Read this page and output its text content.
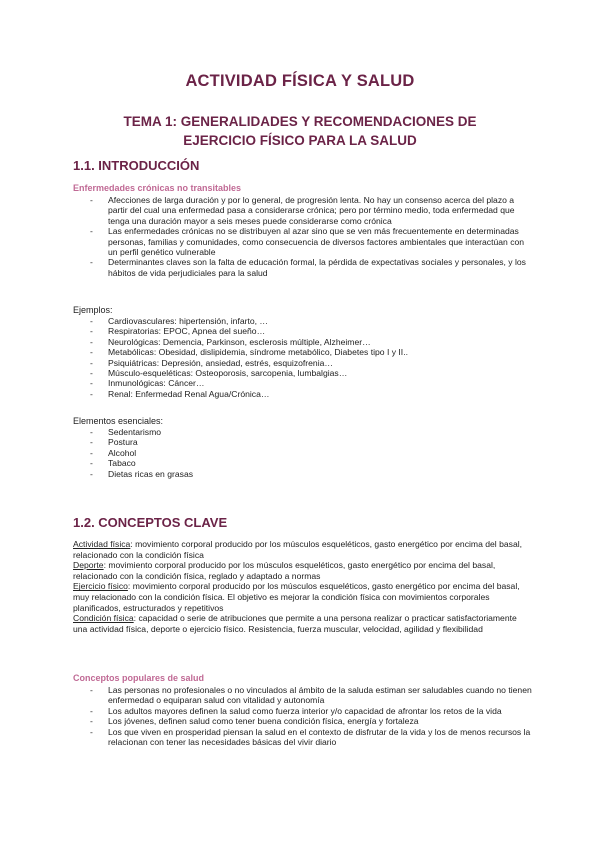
ACTIVIDAD FÍSICA Y SALUD
TEMA 1: GENERALIDADES Y RECOMENDACIONES DE
EJERCICIO FÍSICO PARA LA SALUD
1.1. INTRODUCCIÓN
Enfermedades crónicas no transitables
- Afecciones de larga duración y por lo general, de progresión lenta. No hay un consenso acerca del plazo a partir del cual una enfermedad pasa a considerarse crónica; pero por término medio, toda enfermedad que tenga una duración mayor a seis meses puede considerarse como crónica
- Las enfermedades crónicas no se distribuyen al azar sino que se ven más frecuentemente en determinadas personas, familias y comunidades, como consecuencia de diversos factores ambientales que interactúan con un perfil genético vulnerable
- Determinantes claves son la falta de educación formal, la pérdida de expectativas sociales y personales, y los hábitos de vida perjudiciales para la salud
Ejemplos:
- Cardiovasculares: hipertensión, infarto, …
- Respiratorias: EPOC, Apnea del sueño…
- Neurológicas: Demencia, Parkinson, esclerosis múltiple, Alzheimer…
- Metabólicas: Obesidad, dislipidemia, síndrome metabólico, Diabetes tipo I y II..
- Psiquiátricas: Depresión, ansiedad, estrés, esquizofrenia…
- Músculo-esqueléticas: Osteoporosis, sarcopenia, lumbalgias…
- Inmunológicas: Cáncer…
- Renal: Enfermedad Renal Agua/Crónica…
Elementos esenciales:
- Sedentarismo
- Postura
- Alcohol
- Tabaco
- Dietas ricas en grasas
1.2. CONCEPTOS CLAVE
Actividad física: movimiento corporal producido por los músculos esqueléticos, gasto energético por encima del basal, relacionado con la condición física
Deporte: movimiento corporal producido por los músculos esqueléticos, gasto energético por encima del basal, relacionado con la condición física, reglado y adaptado a normas
Ejercicio físico: movimiento corporal producido por los músculos esqueléticos, gasto energético por encima del basal, muy relacionado con la condición física. El objetivo es mejorar la condición física con movimientos corporales planificados, estructurados y repetitivos
Condición física: capacidad o serie de atribuciones que permite a una persona realizar o practicar satisfactoriamente una actividad física, deporte o ejercicio físico. Resistencia, fuerza muscular, velocidad, agilidad y flexibilidad
Conceptos populares de salud
- Las personas no profesionales o no vinculados al ámbito de la saluda estiman ser saludables cuando no tienen enfermedad o equiparan salud con vitalidad y autonomía
- Los adultos mayores definen la salud como fuerza interior y/o capacidad de afrontar los retos de la vida
- Los jóvenes, definen salud como tener buena condición física, energía y fortaleza
- Los que viven en prosperidad piensan la salud en el contexto de disfrutar de la vida y los de menos recursos la relacionan con tener las necesidades básicas del vivir diario
